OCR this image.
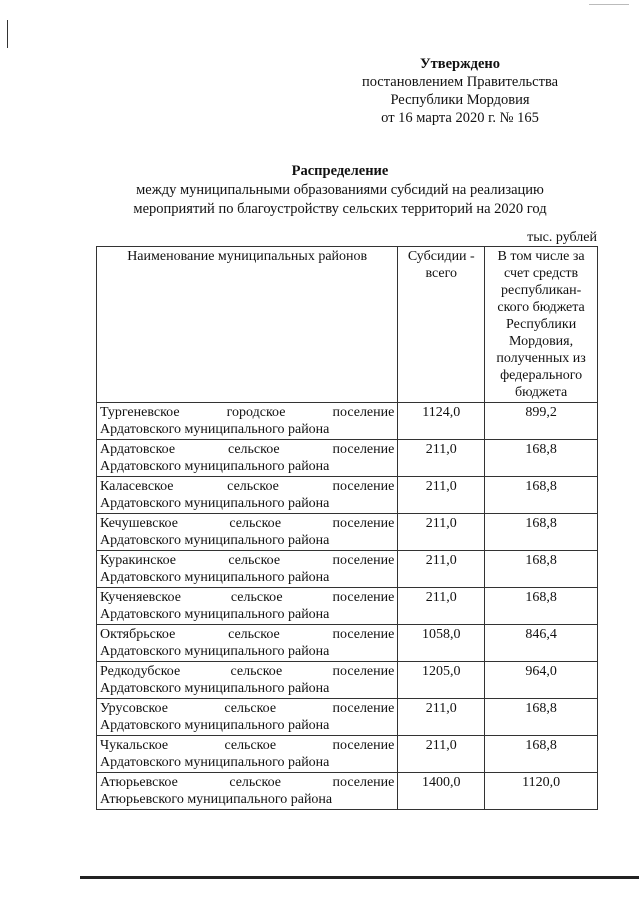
Утверждено
постановлением Правительства
Республики Мордовия
от 16 марта 2020 г. № 165
Распределение
между муниципальными образованиями субсидий на реализацию
мероприятий по благоустройству сельских территорий на 2020 год
тыс. рублей
Наименование муниципальных районов	Субсидии - всего	В том числе за счет средств республикан-ского бюджета Республики Мордовия, полученных из федерального бюджета

Тургеневское городское поселение
Ардатовского муниципального района	1124,0	899,2

Ардатовское сельское поселение
Ардатовского муниципального района	211,0	168,8

Каласевское сельское поселение
Ардатовского муниципального района	211,0	168,8

Кечушевское сельское поселение
Ардатовского муниципального района	211,0	168,8

Куракинское сельское поселение
Ардатовского муниципального района	211,0	168,8

Кученяевское сельское поселение
Ардатовского муниципального района	211,0	168,8

Октябрьское сельское поселение
Ардатовского муниципального района	1058,0	846,4

Редкодубское сельское поселение
Ардатовского муниципального района	1205,0	964,0

Урусовское сельское поселение
Ардатовского муниципального района	211,0	168,8

Чукальское сельское поселение
Ардатовского муниципального района	211,0	168,8

Атюрьевское сельское поселение
Атюрьевского муниципального района	1400,0	1120,0
